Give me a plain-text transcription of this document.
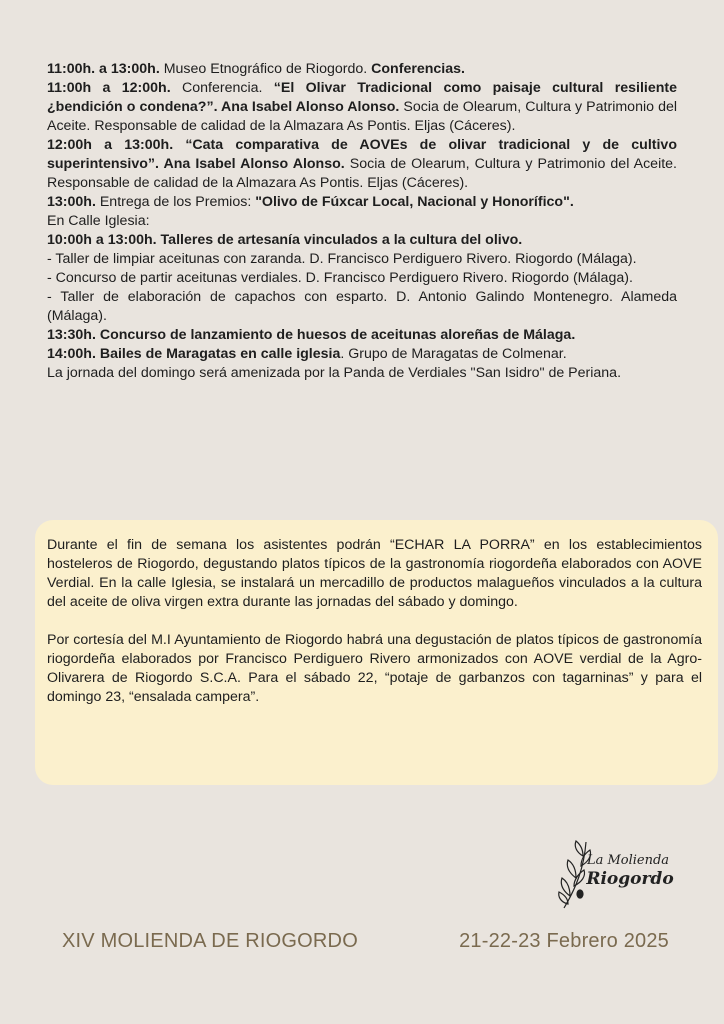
11:00h. a 13:00h. Museo Etnográfico de Riogordo. Conferencias.

11:00h a 12:00h. Conferencia. “El Olivar Tradicional como paisaje cultural resiliente ¿bendición o condena?”. Ana Isabel Alonso Alonso. Socia de Olearum, Cultura y Patrimonio del Aceite. Responsable de calidad de la Almazara As Pontis. Eljas (Cáceres).

12:00h a 13:00h. “Cata comparativa de AOVEs de olivar tradicional y de cultivo superintensivo”. Ana Isabel Alonso Alonso. Socia de Olearum, Cultura y Patrimonio del Aceite. Responsable de calidad de la Almazara As Pontis. Eljas (Cáceres).

13:00h. Entrega de los Premios: "Olivo de Fúxcar Local, Nacional y Honorífico".

En Calle Iglesia:

10:00h a 13:00h. Talleres de artesanía vinculados a la cultura del olivo.

- Taller de limpiar aceitunas con zaranda. D. Francisco Perdiguero Rivero. Riogordo (Málaga).

- Concurso de partir aceitunas verdiales. D. Francisco Perdiguero Rivero. Riogordo (Málaga).

- Taller de elaboración de capachos con esparto. D. Antonio Galindo Montenegro. Alameda (Málaga).

13:30h. Concurso de lanzamiento de huesos de aceitunas aloreñas de Málaga.

14:00h. Bailes de Maragatas en calle iglesia. Grupo de Maragatas de Colmenar.

La jornada del domingo será amenizada por la Panda de Verdiales "San Isidro" de Periana.

Durante el fin de semana los asistentes podrán “ECHAR LA PORRA” en los establecimientos hosteleros de Riogordo, degustando platos típicos de la gastronomía riogordeña elaborados con AOVE Verdial. En la calle Iglesia, se instalará un mercadillo de productos malagueños vinculados a la cultura del aceite de oliva virgen extra durante las jornadas del sábado y domingo.

Por cortesía del M.I Ayuntamiento de Riogordo habrá una degustación de platos típicos de gastronomía riogordeña elaborados por Francisco Perdiguero Rivero armonizados con AOVE verdial de la Agro-Olivarera de Riogordo S.C.A. Para el sábado 22, “potaje de garbanzos con tagarninas” y para el domingo 23, “ensalada campera”.

La Molienda
Riogordo
XIV MOLIENDA DE RIOGORDO	21-22-23 Febrero 2025
